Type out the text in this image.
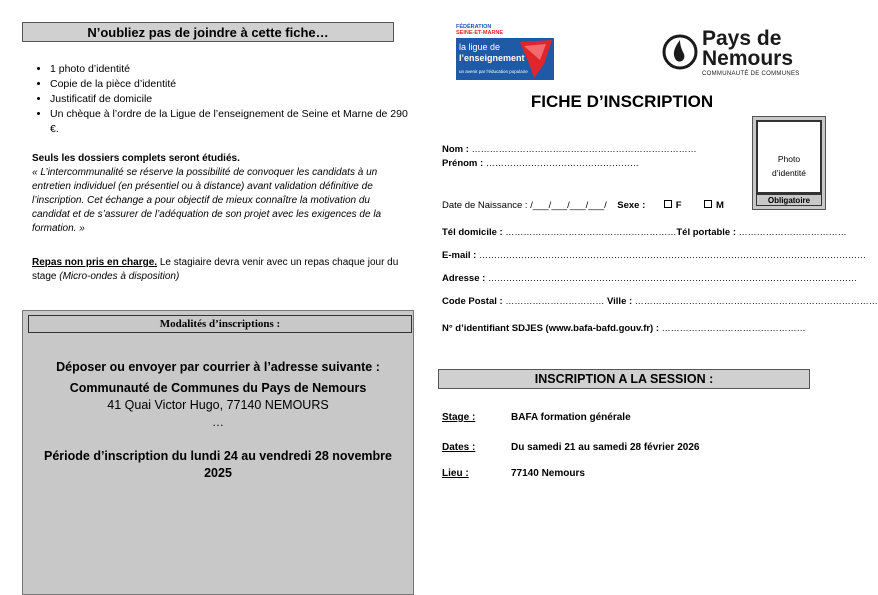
N’oubliez pas de joindre à cette fiche…
• 1 photo d’identité
• Copie de la pièce d’identité
• Justificatif de domicile
• Un chèque à l’ordre de la Ligue de l’enseignement de Seine et Marne de 290 €.
Seuls les dossiers complets seront étudiés.
« L’intercommunalité se réserve la possibilité de convoquer les candidats à un entretien individuel (en présentiel ou à distance) avant validation définitive de l’inscription. Cet échange a pour objectif de mieux connaître la motivation du candidat et de s’assurer de l’adéquation de son projet avec les exigences de la formation. »
Repas non pris en charge. Le stagiaire devra venir avec un repas chaque jour du stage (Micro-ondes à disposition)
Modalités d’inscriptions :
Déposer ou envoyer par courrier à l’adresse suivante :
Communauté de Communes du Pays de Nemours
41 Quai Victor Hugo, 77140 NEMOURS
…
Période d’inscription du lundi 24 au vendredi 28 novembre
2025
FÉDÉRATION
SEINE-ET-MARNE
la ligue de
l’enseignement
un avenir par l’éducation populaire
Pays de
Nemours
COMMUNAUTÉ DE COMMUNES
FICHE D’INSCRIPTION
Photo
d’identité
Obligatoire
Nom : …………………………………………………………………
Prénom : ……………………………………………
Date de Naissance : /___/___/___/___/ Sexe :	F	M
Tél domicile : …………………………………………………Tél portable : ………………………………
E-mail : …………………………………………………………………………………………………………………
Adresse : ……………………………………………………………………………………………………………
Code Postal : …………………………… Ville : ………………………………………………………………………
N° d’identifiant SDJES (www.bafa-bafd.gouv.fr) : …………………………………………
INSCRIPTION A LA SESSION :
Stage :	BAFA formation générale
Dates :	Du samedi 21 au samedi 28 février 2026
Lieu :	77140 Nemours
